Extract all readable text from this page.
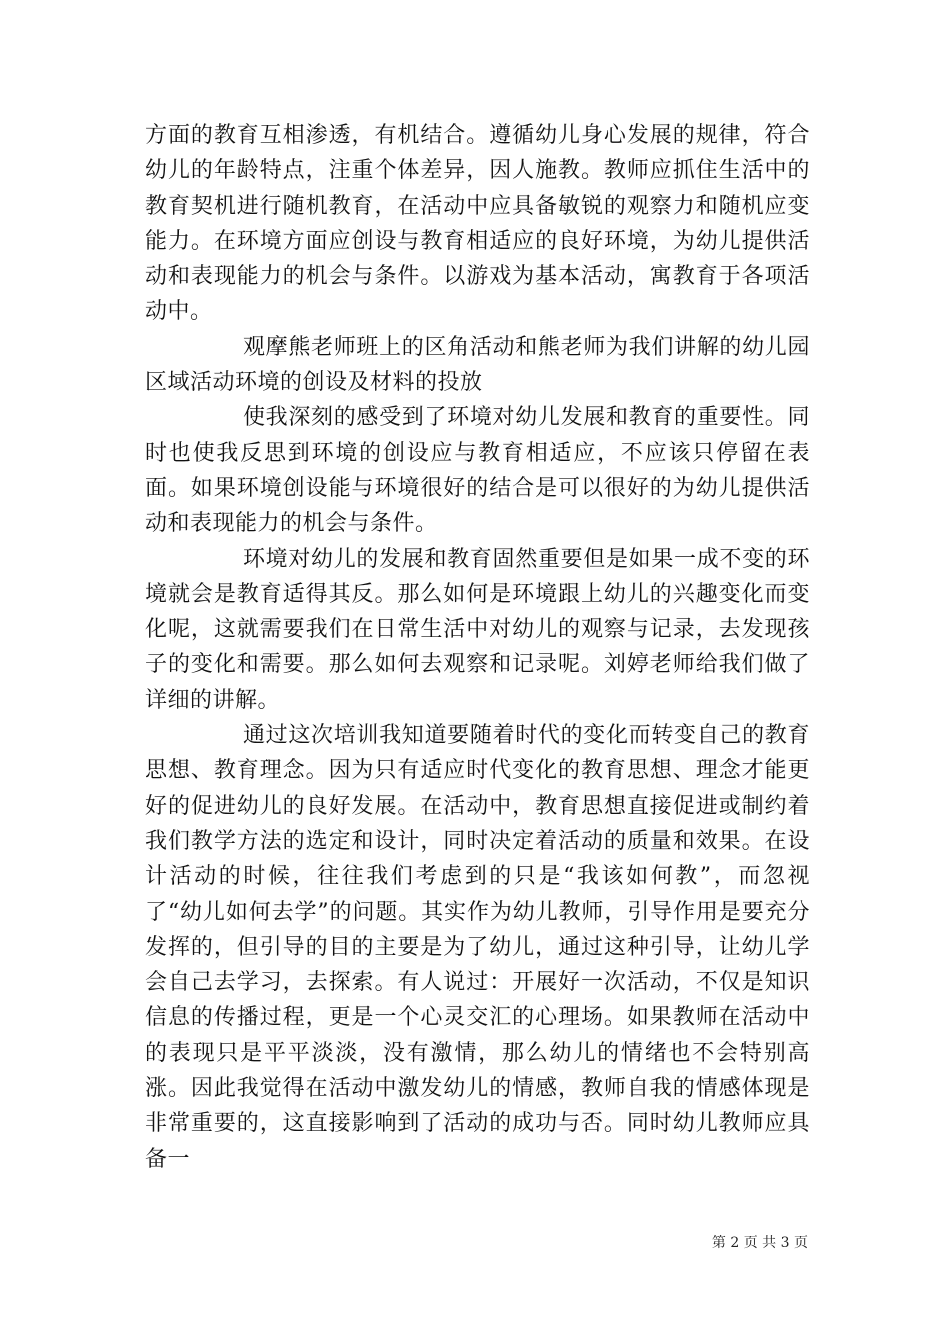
方面的教育互相渗透，有机结合。遵循幼儿身心发展的规律，符合幼儿的年龄特点，注重个体差异，因人施教。教师应抓住生活中的教育契机进行随机教育，在活动中应具备敏锐的观察力和随机应变能力。在环境方面应创设与教育相适应的良好环境，为幼儿提供活动和表现能力的机会与条件。以游戏为基本活动，寓教育于各项活动中。

观摩熊老师班上的区角活动和熊老师为我们讲解的幼儿园区域活动环境的创设及材料的投放

使我深刻的感受到了环境对幼儿发展和教育的重要性。同时也使我反思到环境的创设应与教育相适应，不应该只停留在表面。如果环境创设能与环境很好的结合是可以很好的为幼儿提供活动和表现能力的机会与条件。

环境对幼儿的发展和教育固然重要但是如果一成不变的环境就会是教育适得其反。那么如何是环境跟上幼儿的兴趣变化而变化呢，这就需要我们在日常生活中对幼儿的观察与记录，去发现孩子的变化和需要。那么如何去观察和记录呢。刘婷老师给我们做了详细的讲解。

通过这次培训我知道要随着时代的变化而转变自己的教育思想、教育理念。因为只有适应时代变化的教育思想、理念才能更好的促进幼儿的良好发展。在活动中，教育思想直接促进或制约着我们教学方法的选定和设计，同时决定着活动的质量和效果。在设计活动的时候，往往我们考虑到的只是“我该如何教”，而忽视了“幼儿如何去学”的问题。其实作为幼儿教师，引导作用是要充分发挥的，但引导的目的主要是为了幼儿，通过这种引导，让幼儿学会自己去学习，去探索。有人说过：开展好一次活动，不仅是知识信息的传播过程，更是一个心灵交汇的心理场。如果教师在活动中的表现只是平平淡淡，没有激情，那么幼儿的情绪也不会特别高涨。因此我觉得在活动中激发幼儿的情感，教师自我的情感体现是非常重要的，这直接影响到了活动的成功与否。同时幼儿教师应具备一

第 2 页 共 3 页
